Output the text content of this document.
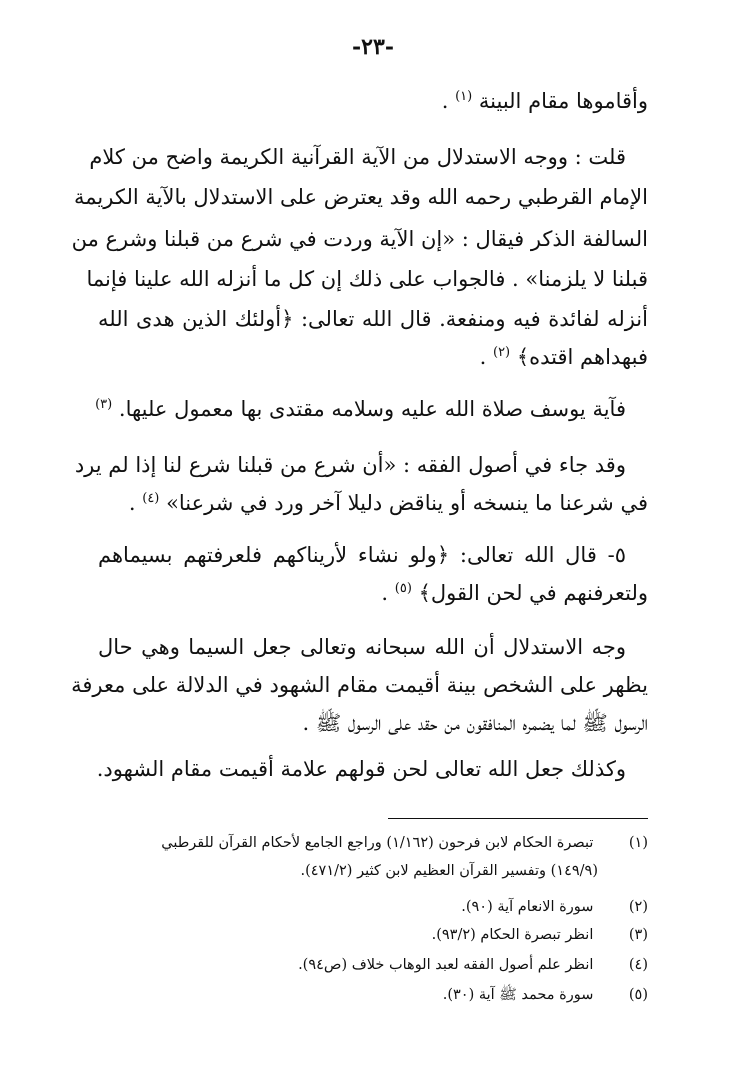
-٢٣-
وأقاموها مقام البينة $^{(١)}$ .
قلت : ووجه الاستدلال من الآية القرآنية الكريمة واضح من كلام
الإمام القرطبي رحمه الله وقد يعترض على الاستدلال بالآية الكريمة
السالفة الذكر فيقال : «إن الآية وردت في شرع من قبلنا وشرع من
قبلنا لا يلزمنا» . فالجواب على ذلك إن كل ما أنزله الله علينا فإنما
أنزله لفائدة فيه ومنفعة. قال الله تعالى: ﴿أولئك الذين هدى الله
فبهداهم اقتده﴾ $^{(٢)}$ .
فآية يوسف صلاة الله عليه وسلامه مقتدى بها معمول عليها. $^{(٣)}$
وقد جاء في أصول الفقه : «أن شرع من قبلنا شرع لنا إذا لم يرد
في شرعنا ما ينسخه أو يناقض دليلا آخر ورد في شرعنا» $^{(٤)}$ .
٥- قال الله تعالى: ﴿ولو نشاء لأريناكهم فلعرفتهم بسيماهم
ولتعرفنهم في لحن القول﴾ $^{(٥)}$ .
وجه الاستدلال أن الله سبحانه وتعالى جعل السيما وهي حال
يظهر على الشخص بينة أقيمت مقام الشهود في الدلالة على معرفة
الرسول ﷺ لما يضمره المنافقون من حقد على الرسول ﷺ .
وكذلك جعل الله تعالى لحن قولهم علامة أقيمت مقام الشهود.
(١) تبصرة الحكام لابن فرحون (١/١٦٢) وراجع الجامع لأحكام القرآن للقرطبي
(١٤٩/٩) وتفسير القرآن العظيم لابن كثير (٤٧١/٢).
(٢) سورة الانعام آية (٩٠).
(٣) انظر تبصرة الحكام (٩٣/٢).
(٤) انظر علم أصول الفقه لعبد الوهاب خلاف (ص٩٤).
(٥) سورة محمد ﷺ آية (٣٠).
